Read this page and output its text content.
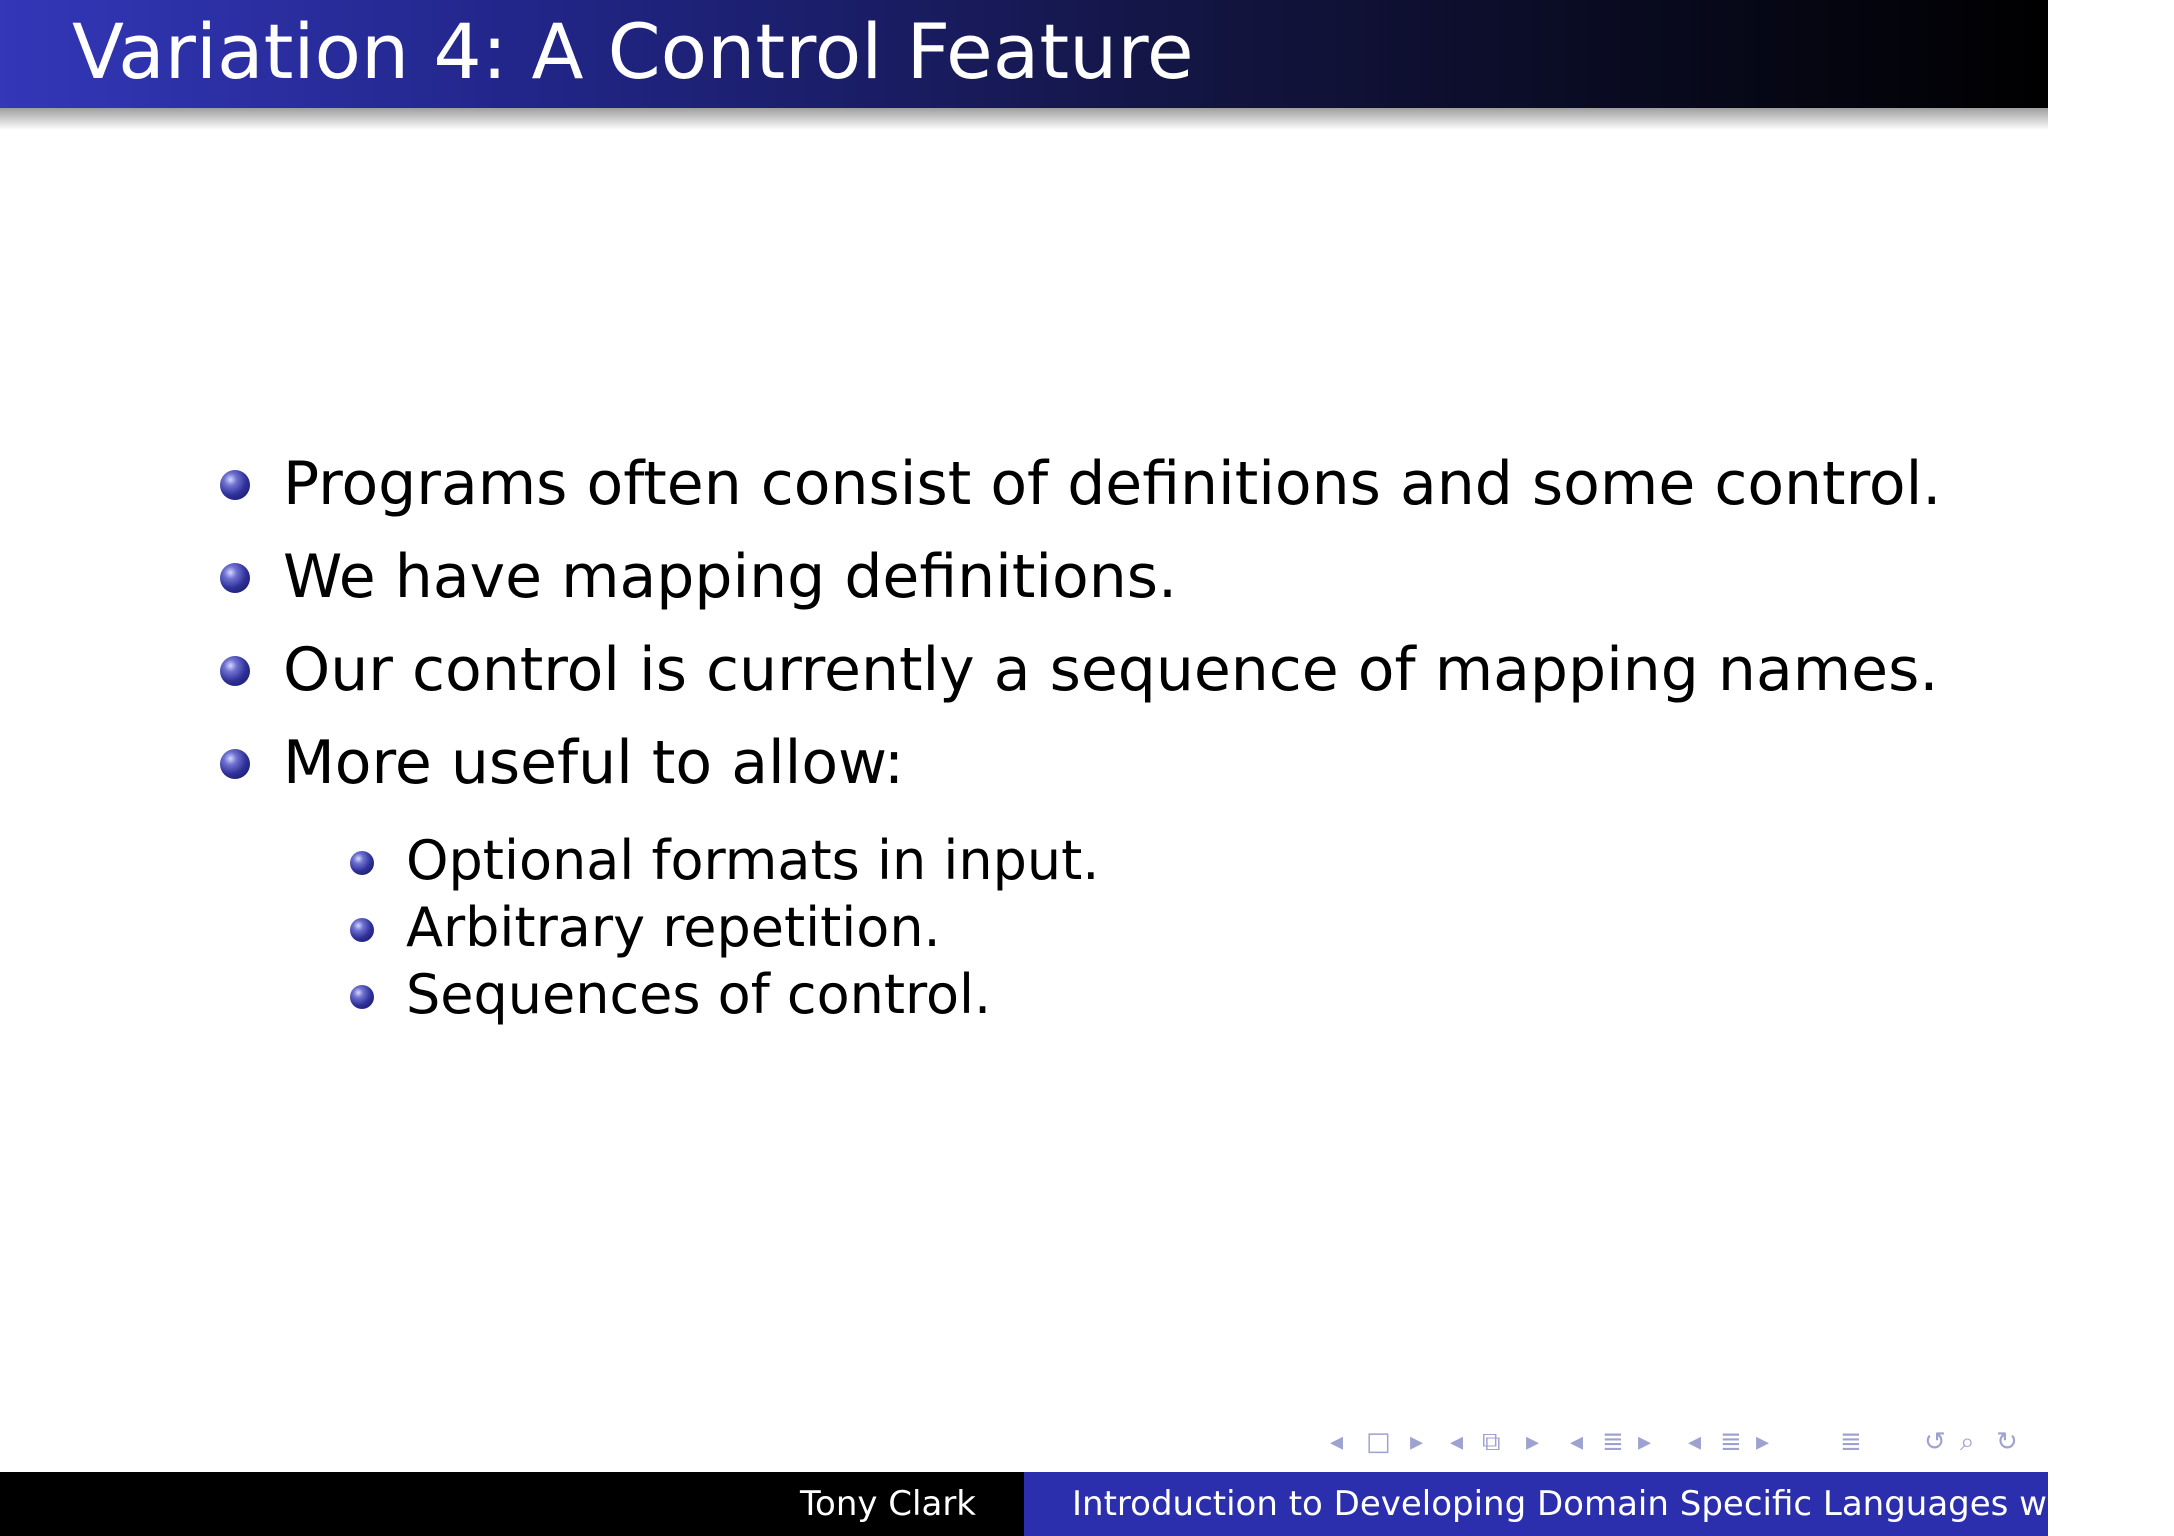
Variation 4: A Control Feature
Programs often consist of definitions and some control.
We have mapping definitions.
Our control is currently a sequence of mapping names.
More useful to allow:
Optional formats in input.
Arbitrary repetition.
Sequences of control.
◂ □ ▸ ◂ ⧉ ▸ ◂ ≣ ▸ ◂ ≣ ▸	≣ ↺ ⌕ ↻
Tony Clark	Introduction to Developing Domain Specific Languages with XMF
